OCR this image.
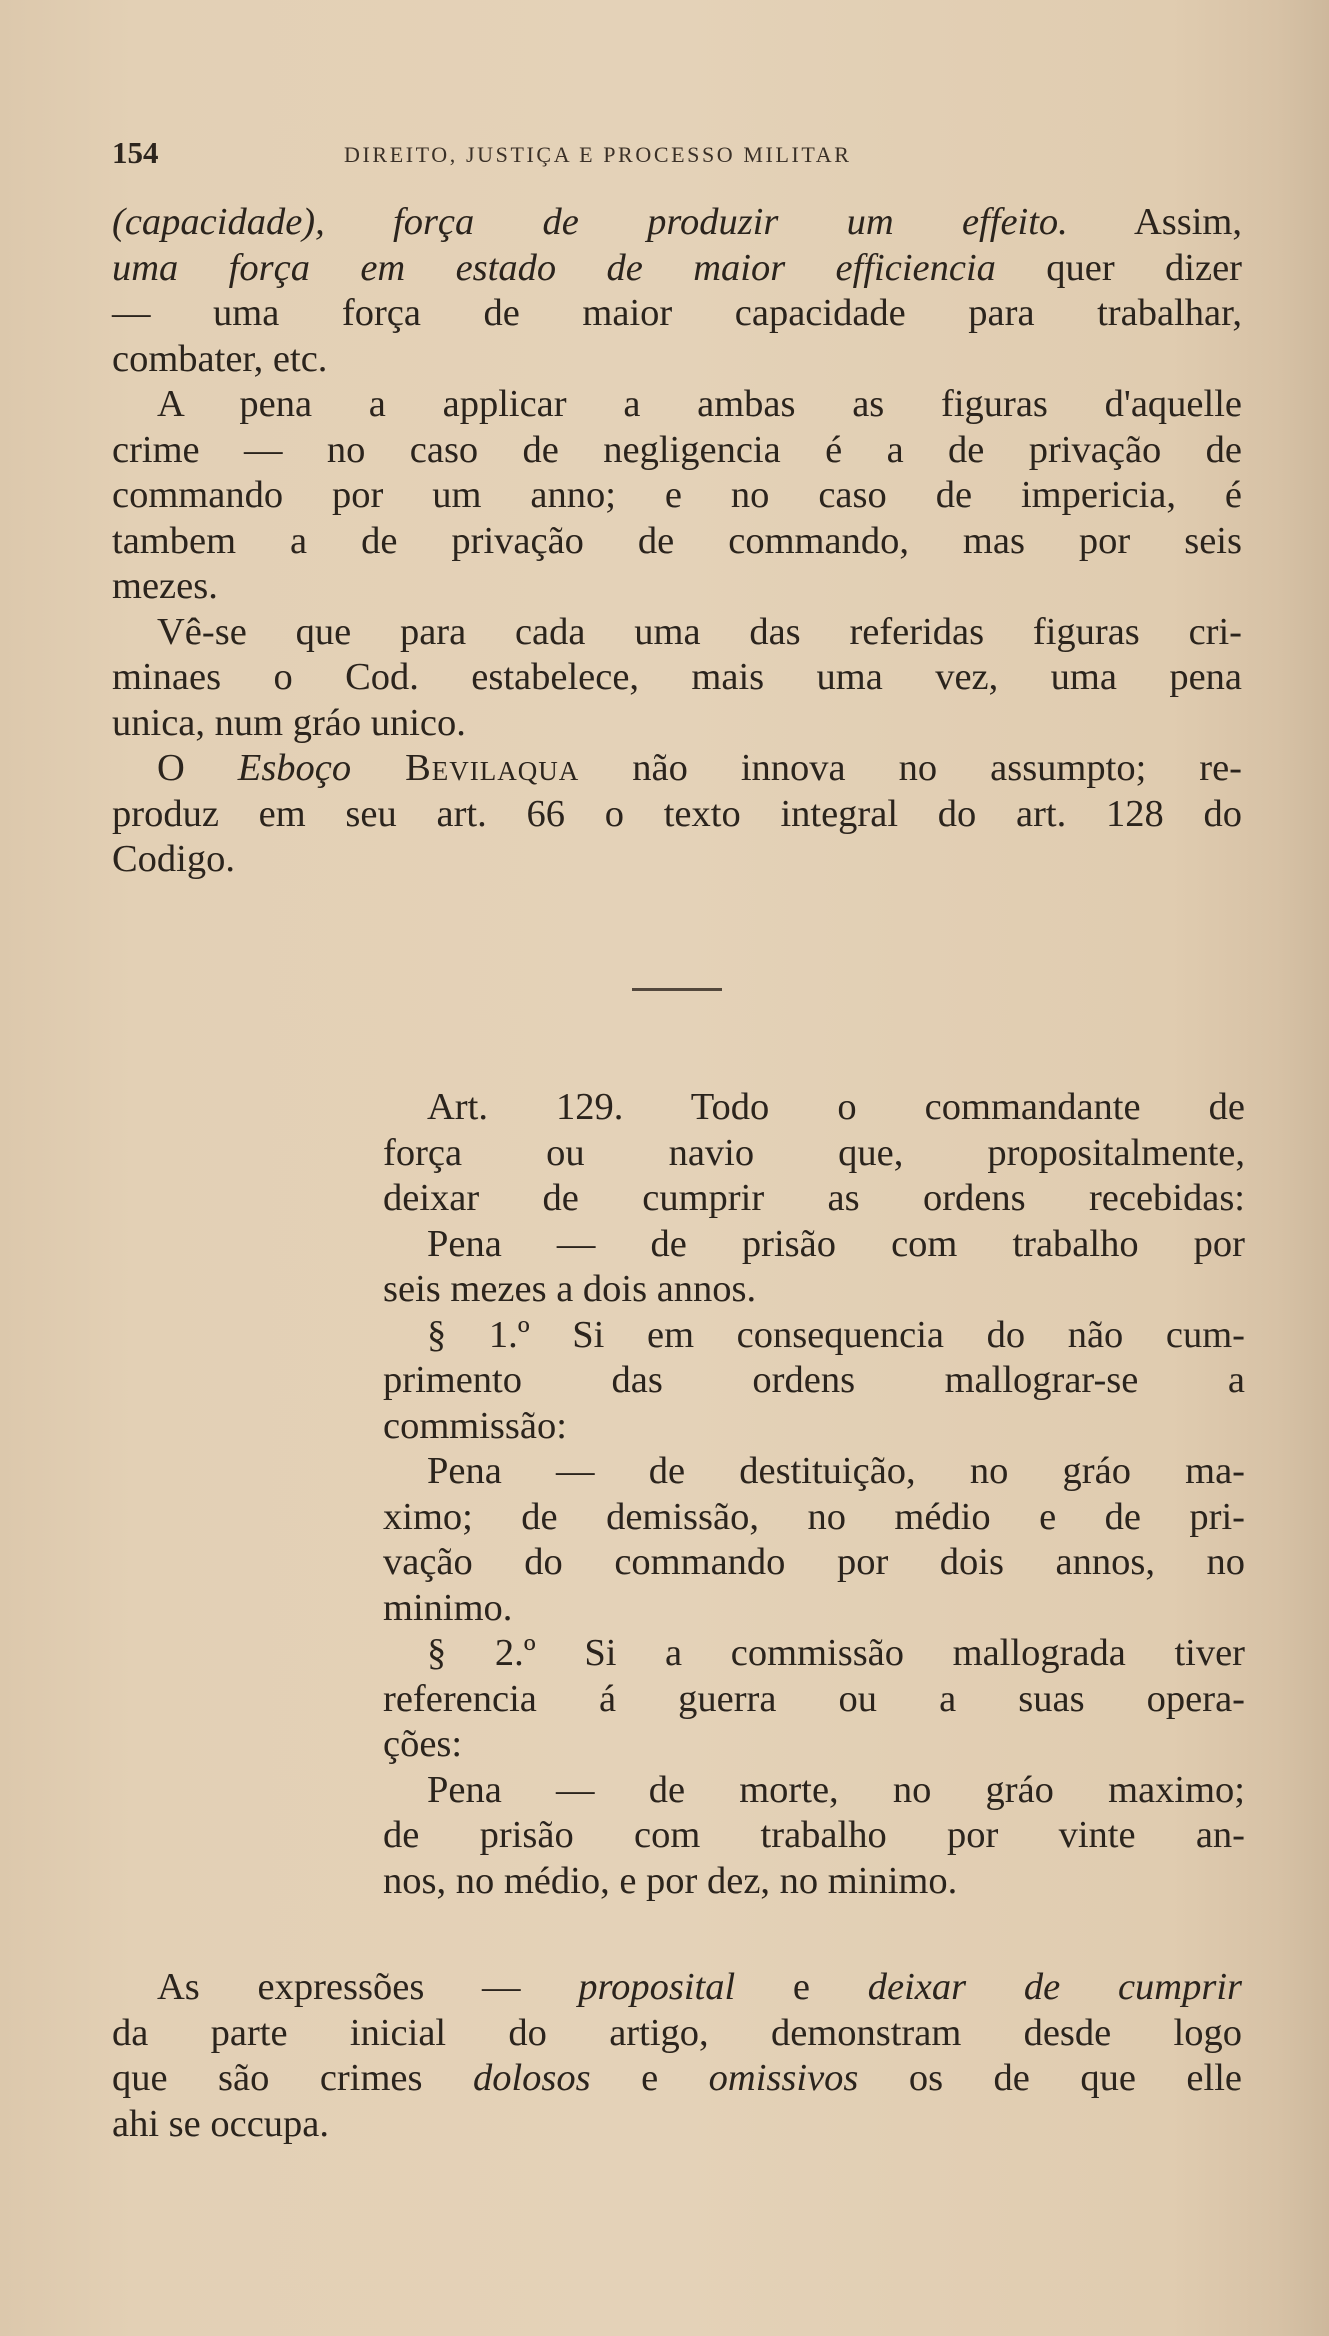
154	DIREITO, JUSTIÇA E PROCESSO MILITAR
(capacidade), força de produzir um effeito. Assim,
uma força em estado de maior efficiencia quer dizer
— uma força de maior capacidade para trabalhar,
combater, etc.
A pena a applicar a ambas as figuras d'aquelle
crime — no caso de negligencia é a de privação de
commando por um anno; e no caso de impericia, é
tambem a de privação de commando, mas por seis
mezes.
Vê-se que para cada uma das referidas figuras cri-
minaes o Cod. estabelece, mais uma vez, uma pena
unica, num gráo unico.
O Esboço Bevilaqua não innova no assumpto; re-
produz em seu art. 66 o texto integral do art. 128 do
Codigo.
Art. 129. Todo o commandante de
força ou navio que, propositalmente,
deixar de cumprir as ordens recebidas:
Pena — de prisão com trabalho por
seis mezes a dois annos.
§ 1.º Si em consequencia do não cum-
primento das ordens mallograr-se a
commissão:
Pena — de destituição, no gráo ma-
ximo; de demissão, no médio e de pri-
vação do commando por dois annos, no
minimo.
§ 2.º Si a commissão mallograda tiver
referencia á guerra ou a suas opera-
ções:
Pena — de morte, no gráo maximo;
de prisão com trabalho por vinte an-
nos, no médio, e por dez, no minimo.
As expressões — proposital e deixar de cumprir
da parte inicial do artigo, demonstram desde logo
que são crimes dolosos e omissivos os de que elle
ahi se occupa.
